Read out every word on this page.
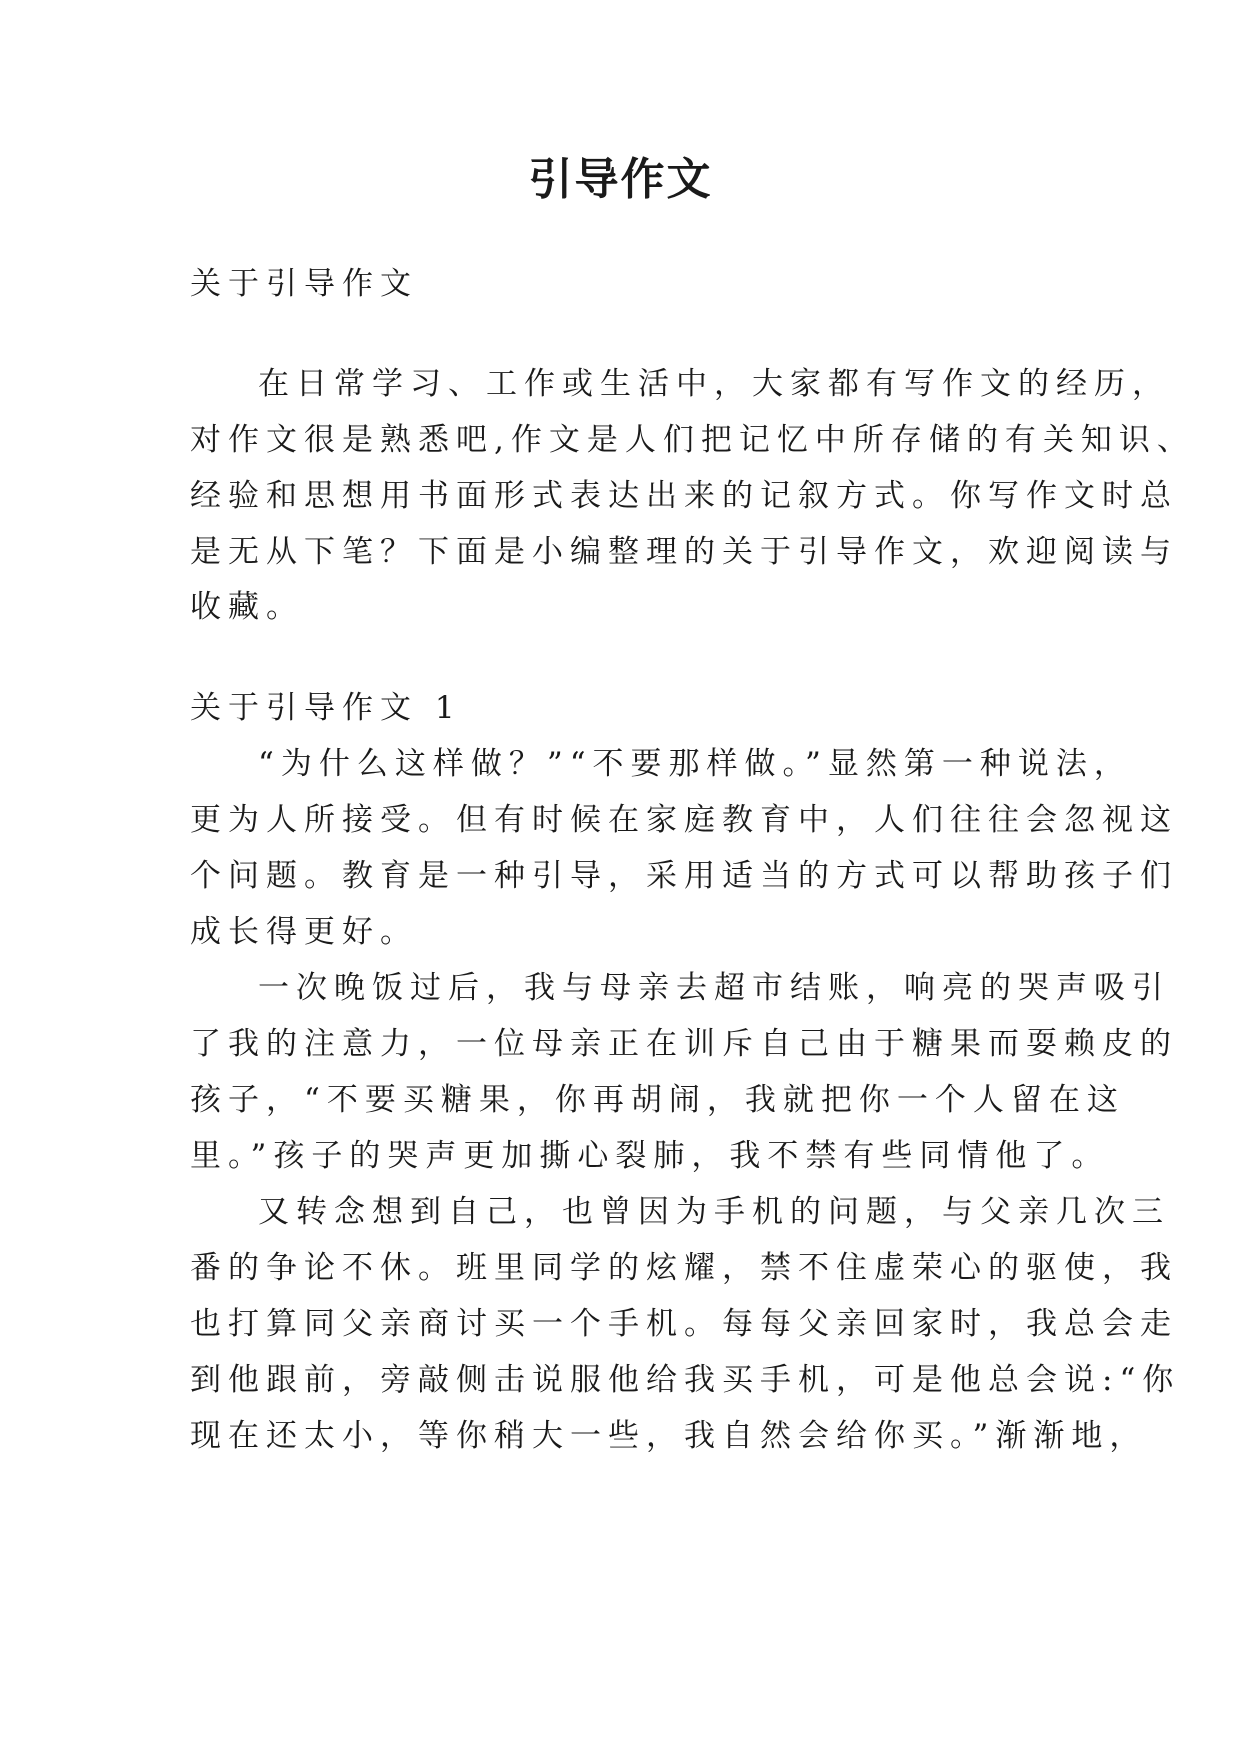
引导作文
关于引导作文
在日常学习、工作或生活中，大家都有写作文的经历，
对作文很是熟悉吧,作文是人们把记忆中所存储的有关知识、
经验和思想用书面形式表达出来的记叙方式。你写作文时总
是无从下笔？下面是小编整理的关于引导作文，欢迎阅读与
收藏。
关于引导作文 1
“为什么这样做？”“不要那样做。”显然第一种说法，
更为人所接受。但有时候在家庭教育中，人们往往会忽视这
个问题。教育是一种引导，采用适当的方式可以帮助孩子们
成长得更好。
一次晚饭过后，我与母亲去超市结账，响亮的哭声吸引
了我的注意力，一位母亲正在训斥自己由于糖果而耍赖皮的
孩子，“不要买糖果，你再胡闹，我就把你一个人留在这
里。”孩子的哭声更加撕心裂肺，我不禁有些同情他了。
又转念想到自己，也曾因为手机的问题，与父亲几次三
番的争论不休。班里同学的炫耀，禁不住虚荣心的驱使，我
也打算同父亲商讨买一个手机。每每父亲回家时，我总会走
到他跟前，旁敲侧击说服他给我买手机，可是他总会说:“你
现在还太小，等你稍大一些，我自然会给你买。”渐渐地，
